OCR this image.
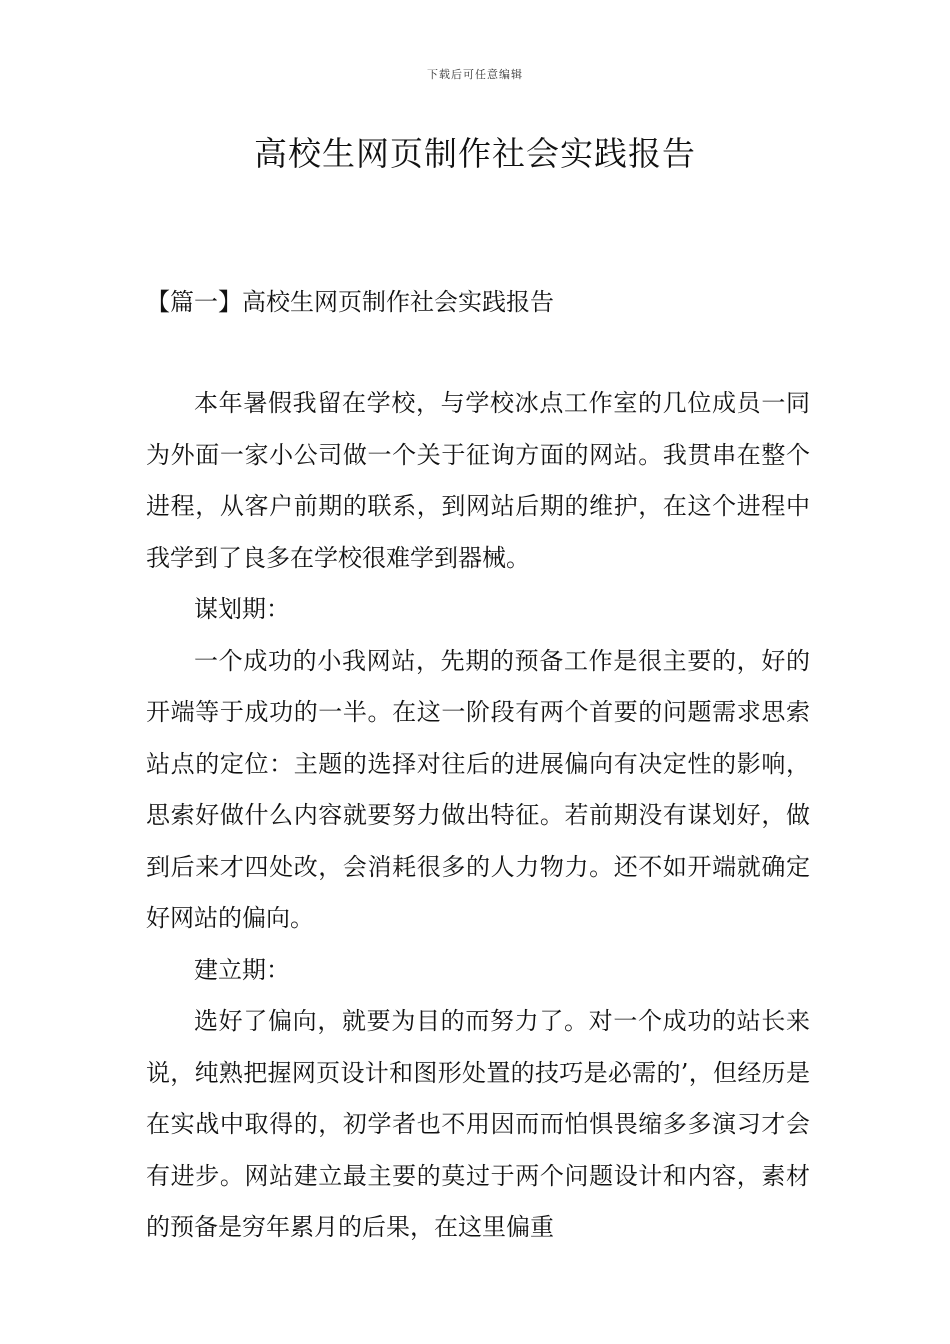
下载后可任意编辑
高校生网页制作社会实践报告
【篇一】高校生网页制作社会实践报告

本年暑假我留在学校，与学校冰点工作室的几位成员一同为外面一家小公司做一个关于征询方面的网站。我贯串在整个进程，从客户前期的联系，到网站后期的维护，在这个进程中我学到了良多在学校很难学到器械。

谋划期：

一个成功的小我网站，先期的预备工作是很主要的，好的开端等于成功的一半。在这一阶段有两个首要的问题需求思索站点的定位：主题的选择对往后的进展偏向有决定性的影响，思索好做什么内容就要努力做出特征。若前期没有谋划好，做到后来才四处改，会消耗很多的人力物力。还不如开端就确定好网站的偏向。

建立期：

选好了偏向，就要为目的而努力了。对一个成功的站长来说，纯熟把握网页设计和图形处置的技巧是必需的’，但经历是在实战中取得的，初学者也不用因而而怕惧畏缩多多演习才会有进步。网站建立最主要的莫过于两个问题设计和内容，素材的预备是穷年累月的后果，在这里偏重
